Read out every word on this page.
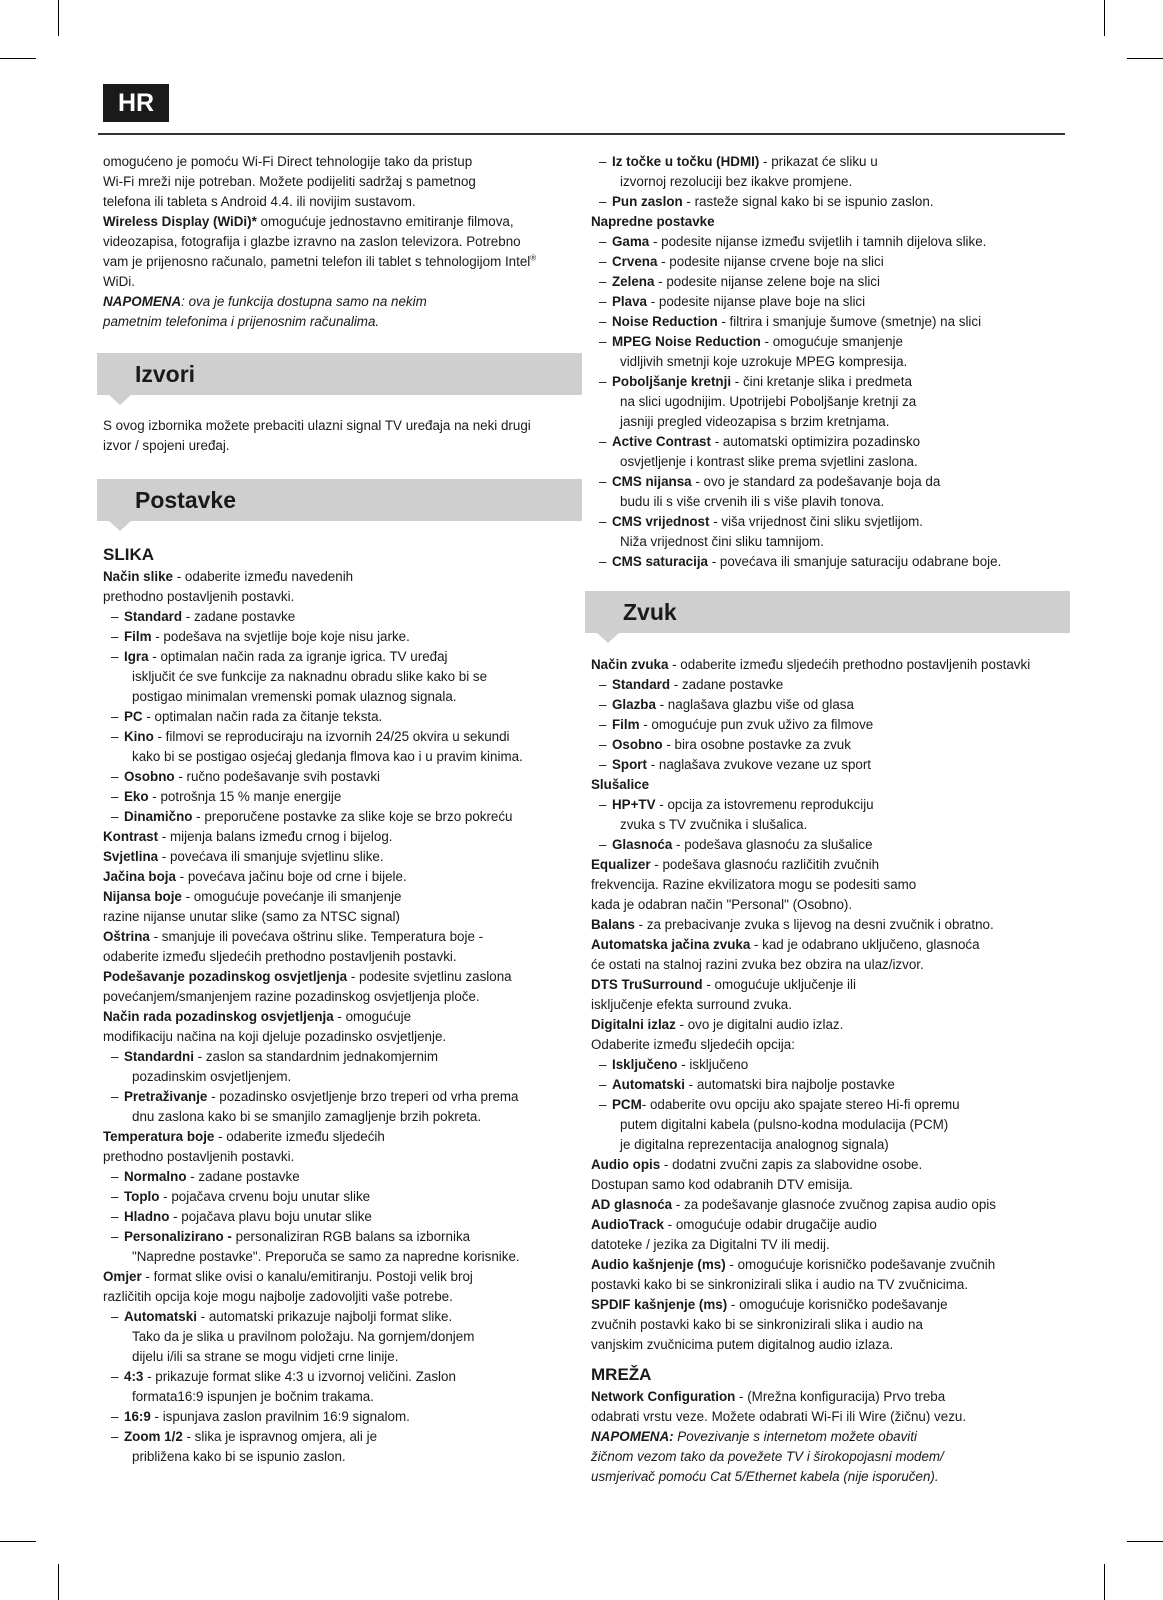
HR
omogućeno je pomoću Wi-Fi Direct tehnologije tako da pristup
Wi-Fi mreži nije potreban. Možete podijeliti sadržaj s pametnog
telefona ili tableta s Android 4.4. ili novijim sustavom.
Wireless Display (WiDi)* omogućuje jednostavno emitiranje filmova,
videozapisa, fotografija i glazbe izravno na zaslon televizora. Potrebno
vam je prijenosno računalo, pametni telefon ili tablet s tehnologijom Intel®
WiDi.
NAPOMENA: ova je funkcija dostupna samo na nekim
pametnim telefonima i prijenosnim računalima.
Izvori
S ovog izbornika možete prebaciti ulazni signal TV uređaja na neki drugi
izvor / spojeni uređaj.
Postavke
SLIKA
Način slike - odaberite između navedenih
prethodno postavljenih postavki.
– Standard - zadane postavke
– Film - podešava na svjetlije boje koje nisu jarke.
– Igra - optimalan način rada za igranje igrica. TV uređaj
isključit će sve funkcije za naknadnu obradu slike kako bi se
postigao minimalan vremenski pomak ulaznog signala.
– PC - optimalan način rada za čitanje teksta.
– Kino - filmovi se reproduciraju na izvornih 24/25 okvira u sekundi
kako bi se postigao osjećaj gledanja flmova kao i u pravim kinima.
– Osobno - ručno podešavanje svih postavki
– Eko - potrošnja 15 % manje energije
– Dinamično - preporučene postavke za slike koje se brzo pokreću
Kontrast - mijenja balans između crnog i bijelog.
Svjetlina - povećava ili smanjuje svjetlinu slike.
Jačina boja - povećava jačinu boje od crne i bijele.
Nijansa boje - omogućuje povećanje ili smanjenje
razine nijanse unutar slike (samo za NTSC signal)
Oštrina - smanjuje ili povećava oštrinu slike. Temperatura boje -
odaberite između sljedećih prethodno postavljenih postavki.
Podešavanje pozadinskog osvjetljenja - podesite svjetlinu zaslona
povećanjem/smanjenjem razine pozadinskog osvjetljenja ploče.
Način rada pozadinskog osvjetljenja - omogućuje
modifikaciju načina na koji djeluje pozadinsko osvjetljenje.
– Standardni - zaslon sa standardnim jednakomjernim
pozadinskim osvjetljenjem.
– Pretraživanje - pozadinsko osvjetljenje brzo treperi od vrha prema
dnu zaslona kako bi se smanjilo zamagljenje brzih pokreta.
Temperatura boje - odaberite između sljedećih
prethodno postavljenih postavki.
– Normalno - zadane postavke
– Toplo - pojačava crvenu boju unutar slike
– Hladno - pojačava plavu boju unutar slike
– Personalizirano - personaliziran RGB balans sa izbornika
"Napredne postavke". Preporuča se samo za napredne korisnike.
Omjer - format slike ovisi o kanalu/emitiranju. Postoji velik broj
različitih opcija koje mogu najbolje zadovoljiti vaše potrebe.
– Automatski - automatski prikazuje najbolji format slike.
Tako da je slika u pravilnom položaju. Na gornjem/donjem
dijelu i/ili sa strane se mogu vidjeti crne linije.
– 4:3 - prikazuje format slike 4:3 u izvornoj veličini. Zaslon
formata16:9 ispunjen je bočnim trakama.
– 16:9 - ispunjava zaslon pravilnim 16:9 signalom.
– Zoom 1/2 - slika je ispravnog omjera, ali je
približena kako bi se ispunio zaslon.
– Iz točke u točku (HDMI) - prikazat će sliku u
izvornoj rezoluciji bez ikakve promjene.
– Pun zaslon - rasteže signal kako bi se ispunio zaslon.
Napredne postavke
– Gama - podesite nijanse između svijetlih i tamnih dijelova slike.
– Crvena - podesite nijanse crvene boje na slici
– Zelena - podesite nijanse zelene boje na slici
– Plava - podesite nijanse plave boje na slici
– Noise Reduction - filtrira i smanjuje šumove (smetnje) na slici
– MPEG Noise Reduction - omogućuje smanjenje
vidljivih smetnji koje uzrokuje MPEG kompresija.
– Poboljšanje kretnji - čini kretanje slika i predmeta
na slici ugodnijim. Upotrijebi Poboljšanje kretnji za
jasniji pregled videozapisa s brzim kretnjama.
– Active Contrast - automatski optimizira pozadinsko
osvjetljenje i kontrast slike prema svjetlini zaslona.
– CMS nijansa - ovo je standard za podešavanje boja da
budu ili s više crvenih ili s više plavih tonova.
– CMS vrijednost - viša vrijednost čini sliku svjetlijom.
Niža vrijednost čini sliku tamnijom.
– CMS saturacija - povećava ili smanjuje saturaciju odabrane boje.
Zvuk
Način zvuka - odaberite između sljedećih prethodno postavljenih postavki
– Standard - zadane postavke
– Glazba - naglašava glazbu više od glasa
– Film - omogućuje pun zvuk uživo za filmove
– Osobno - bira osobne postavke za zvuk
– Sport - naglašava zvukove vezane uz sport
Slušalice
– HP+TV - opcija za istovremenu reprodukciju
zvuka s TV zvučnika i slušalica.
– Glasnoća - podešava glasnoću za slušalice
Equalizer - podešava glasnoću različitih zvučnih
frekvencija. Razine ekvilizatora mogu se podesiti samo
kada je odabran način "Personal" (Osobno).
Balans - za prebacivanje zvuka s lijevog na desni zvučnik i obratno.
Automatska jačina zvuka - kad je odabrano uključeno, glasnoća
će ostati na stalnoj razini zvuka bez obzira na ulaz/izvor.
DTS TruSurround - omogućuje uključenje ili
isključenje efekta surround zvuka.
Digitalni izlaz - ovo je digitalni audio izlaz.
Odaberite između sljedećih opcija:
– Isključeno - isključeno
– Automatski - automatski bira najbolje postavke
– PCM- odaberite ovu opciju ako spajate stereo Hi-fi opremu
putem digitalni kabela (pulsno-kodna modulacija (PCM)
je digitalna reprezentacija analognog signala)
Audio opis - dodatni zvučni zapis za slabovidne osobe.
Dostupan samo kod odabranih DTV emisija.
AD glasnoća - za podešavanje glasnoće zvučnog zapisa audio opis
AudioTrack - omogućuje odabir drugačije audio
datoteke / jezika za Digitalni TV ili medij.
Audio kašnjenje (ms) - omogućuje korisničko podešavanje zvučnih
postavki kako bi se sinkronizirali slika i audio na TV zvučnicima.
SPDIF kašnjenje (ms) - omogućuje korisničko podešavanje
zvučnih postavki kako bi se sinkronizirali slika i audio na
vanjskim zvučnicima putem digitalnog audio izlaza.
MREŽA
Network Configuration - (Mrežna konfiguracija) Prvo treba
odabrati vrstu veze. Možete odabrati Wi-Fi ili Wire (žičnu) vezu.
NAPOMENA: Povezivanje s internetom možete obaviti
žičnom vezom tako da povežete TV i širokopojasni modem/
usmjerivač pomoću Cat 5/Ethernet kabela (nije isporučen).
